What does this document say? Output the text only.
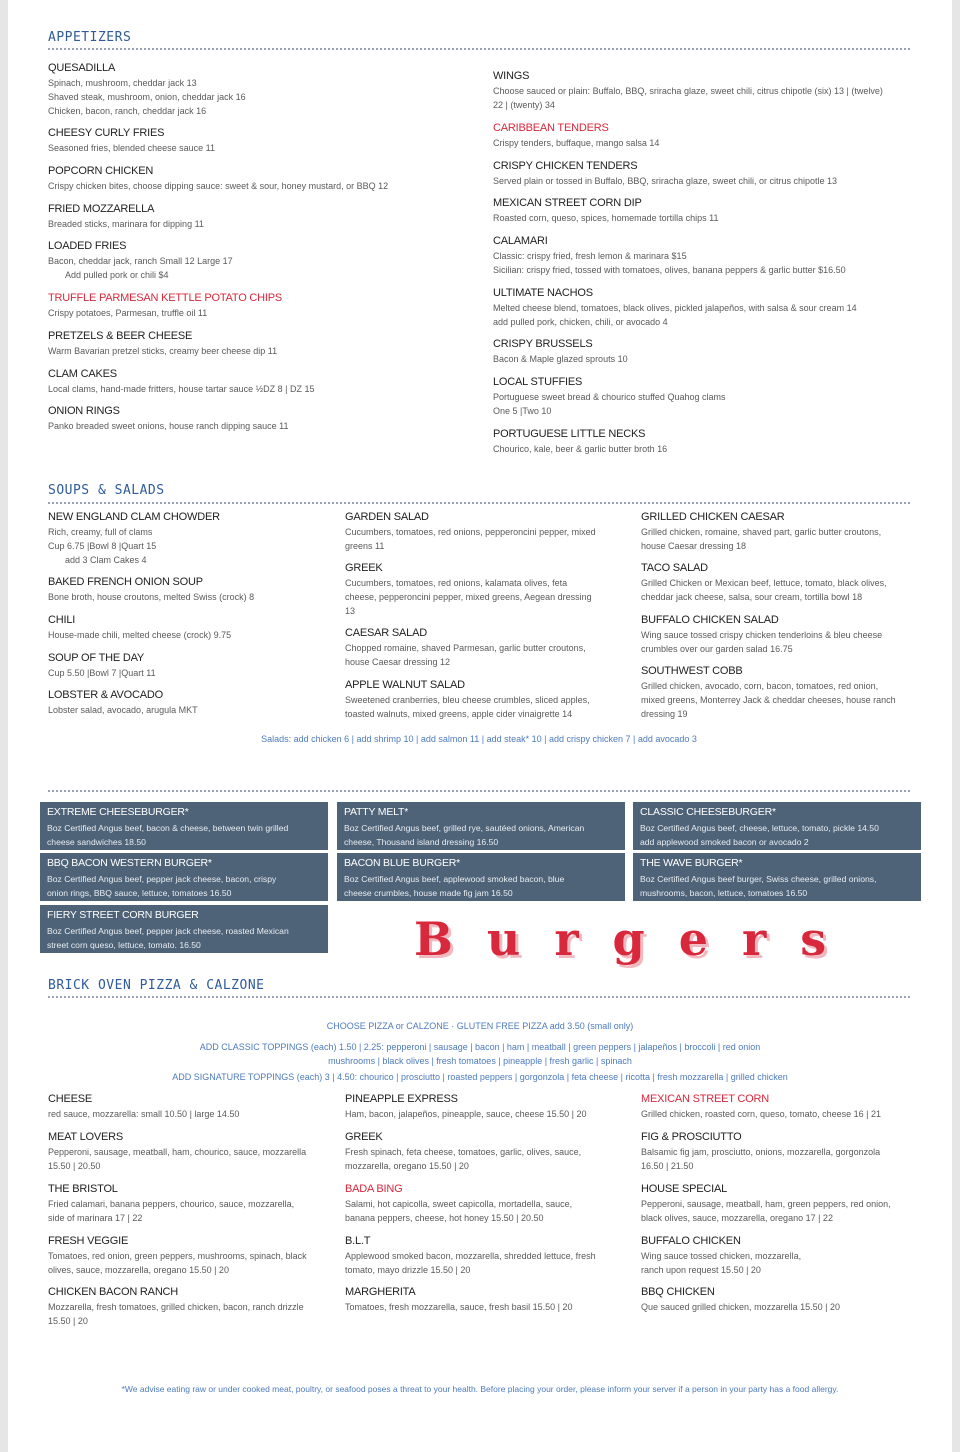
APPETIZERS
QUESADILLA
Spinach, mushroom, cheddar jack 13
Shaved steak, mushroom, onion, cheddar jack 16
Chicken, bacon, ranch, cheddar jack 16
CHEESY CURLY FRIES
Seasoned fries, blended cheese sauce 11
POPCORN CHICKEN
Crispy chicken bites, choose dipping sauce: sweet & sour, honey mustard, or BBQ 12
FRIED MOZZARELLA
Breaded sticks, marinara for dipping 11
LOADED FRIES
Bacon, cheddar jack, ranch Small 12 Large 17
Add pulled pork or chili $4
TRUFFLE PARMESAN KETTLE POTATO CHIPS
Crispy potatoes, Parmesan, truffle oil 11
PRETZELS & BEER CHEESE
Warm Bavarian pretzel sticks, creamy beer cheese dip 11
CLAM CAKES
Local clams, hand-made fritters, house tartar sauce ½DZ 8 | DZ 15
ONION RINGS
Panko breaded sweet onions, house ranch dipping sauce 11
WINGS
Choose sauced or plain: Buffalo, BBQ, sriracha glaze, sweet chili, citrus chipotle (six) 13 | (twelve)
22 | (twenty) 34
CARIBBEAN TENDERS
Crispy tenders, buffaque, mango salsa 14
CRISPY CHICKEN TENDERS
Served plain or tossed in Buffalo, BBQ, sriracha glaze, sweet chili, or citrus chipotle 13
MEXICAN STREET CORN DIP
Roasted corn, queso, spices, homemade tortilla chips 11
CALAMARI
Classic: crispy fried, fresh lemon & marinara $15
Sicilian: crispy fried, tossed with tomatoes, olives, banana peppers & garlic butter $16.50
ULTIMATE NACHOS
Melted cheese blend, tomatoes, black olives, pickled jalapeños, with salsa & sour cream 14
add pulled pork, chicken, chili, or avocado 4
CRISPY BRUSSELS
Bacon & Maple glazed sprouts 10
LOCAL STUFFIES
Portuguese sweet bread & chourico stuffed Quahog clams
One 5 |Two 10
PORTUGUESE LITTLE NECKS
Chourico, kale, beer & garlic butter broth 16
SOUPS & SALADS
NEW ENGLAND CLAM CHOWDER
Rich, creamy, full of clams
Cup 6.75 |Bowl 8 |Quart 15
add 3 Clam Cakes 4
BAKED FRENCH ONION SOUP
Bone broth, house croutons, melted Swiss (crock) 8
CHILI
House-made chili, melted cheese (crock) 9.75
SOUP OF THE DAY
Cup 5.50 |Bowl 7 |Quart 11
LOBSTER & AVOCADO
Lobster salad, avocado, arugula MKT
GARDEN SALAD
Cucumbers, tomatoes, red onions, pepperoncini pepper, mixed
greens 11
GREEK
Cucumbers, tomatoes, red onions, kalamata olives, feta
cheese, pepperoncini pepper, mixed greens, Aegean dressing
13
CAESAR SALAD
Chopped romaine, shaved Parmesan, garlic butter croutons,
house Caesar dressing 12
APPLE WALNUT SALAD
Sweetened cranberries, bleu cheese crumbles, sliced apples,
toasted walnuts, mixed greens, apple cider vinaigrette 14
GRILLED CHICKEN CAESAR
Grilled chicken, romaine, shaved part, garlic butter croutons,
house Caesar dressing 18
TACO SALAD
Grilled Chicken or Mexican beef, lettuce, tomato, black olives,
cheddar jack cheese, salsa, sour cream, tortilla bowl 18
BUFFALO CHICKEN SALAD
Wing sauce tossed crispy chicken tenderloins & bleu cheese
crumbles over our garden salad 16.75
SOUTHWEST COBB
Grilled chicken, avocado, corn, bacon, tomatoes, red onion,
mixed greens, Monterrey Jack & cheddar cheeses, house ranch
dressing 19
Salads: add chicken 6 | add shrimp 10 | add salmon 11 | add steak* 10 | add crispy chicken 7 | add avocado 3
EXTREME CHEESEBURGER*
Boz Certified Angus beef, bacon & cheese, between twin grilled
cheese sandwiches 18.50
PATTY MELT*
Boz Certified Angus beef, grilled rye, sautéed onions, American
cheese, Thousand island dressing 16.50
CLASSIC CHEESEBURGER*
Boz Certified Angus beef, cheese, lettuce, tomato, pickle 14.50
add applewood smoked bacon or avocado 2
BBQ BACON WESTERN BURGER*
Boz Certified Angus beef, pepper jack cheese, bacon, crispy
onion rings, BBQ sauce, lettuce, tomatoes 16.50
BACON BLUE BURGER*
Boz Certified Angus beef, applewood smoked bacon, blue
cheese crumbles, house made fig jam 16.50
THE WAVE BURGER*
Boz Certified Angus beef burger, Swiss cheese, grilled onions,
mushrooms, bacon, lettuce, tomatoes 16.50
FIERY STREET CORN BURGER
Boz Certified Angus beef, pepper jack cheese, roasted Mexican
street corn queso, lettuce, tomato. 16.50	Burgers
BRICK OVEN PIZZA & CALZONE
CHOOSE PIZZA or CALZONE · GLUTEN FREE PIZZA add 3.50 (small only)
ADD CLASSIC TOPPINGS (each) 1.50 | 2.25: pepperoni | sausage | bacon | ham | meatball | green peppers | jalapeños | broccoli | red onion
mushrooms | black olives | fresh tomatoes | pineapple | fresh garlic | spinach
ADD SIGNATURE TOPPINGS (each) 3 | 4.50: chourico | prosciutto | roasted peppers | gorgonzola | feta cheese | ricotta | fresh mozzarella | grilled chicken
CHEESE
red sauce, mozzarella: small 10.50 | large 14.50
MEAT LOVERS
Pepperoni, sausage, meatball, ham, chourico, sauce, mozzarella
15.50 | 20.50
THE BRISTOL
Fried calamari, banana peppers, chourico, sauce, mozzarella,
side of marinara 17 | 22
FRESH VEGGIE
Tomatoes, red onion, green peppers, mushrooms, spinach, black
olives, sauce, mozzarella, oregano 15.50 | 20
CHICKEN BACON RANCH
Mozzarella, fresh tomatoes, grilled chicken, bacon, ranch drizzle
15.50 | 20
PINEAPPLE EXPRESS
Ham, bacon, jalapeños, pineapple, sauce, cheese 15.50 | 20
GREEK
Fresh spinach, feta cheese, tomatoes, garlic, olives, sauce,
mozzarella, oregano 15.50 | 20
BADA BING
Salami, hot capicolla, sweet capicolla, mortadella, sauce,
banana peppers, cheese, hot honey 15.50 | 20.50
B.L.T
Applewood smoked bacon, mozzarella, shredded lettuce, fresh
tomato, mayo drizzle 15.50 | 20
MARGHERITA
Tomatoes, fresh mozzarella, sauce, fresh basil 15.50 | 20
MEXICAN STREET CORN
Grilled chicken, roasted corn, queso, tomato, cheese 16 | 21
FIG & PROSCIUTTO
Balsamic fig jam, prosciutto, onions, mozzarella, gorgonzola
16.50 | 21.50
HOUSE SPECIAL
Pepperoni, sausage, meatball, ham, green peppers, red onion,
black olives, sauce, mozzarella, oregano 17 | 22
BUFFALO CHICKEN
Wing sauce tossed chicken, mozzarella,
ranch upon request 15.50 | 20
BBQ CHICKEN
Que sauced grilled chicken, mozzarella 15.50 | 20
*We advise eating raw or under cooked meat, poultry, or seafood poses a threat to your health. Before placing your order, please inform your server if a person in your party has a food allergy.
